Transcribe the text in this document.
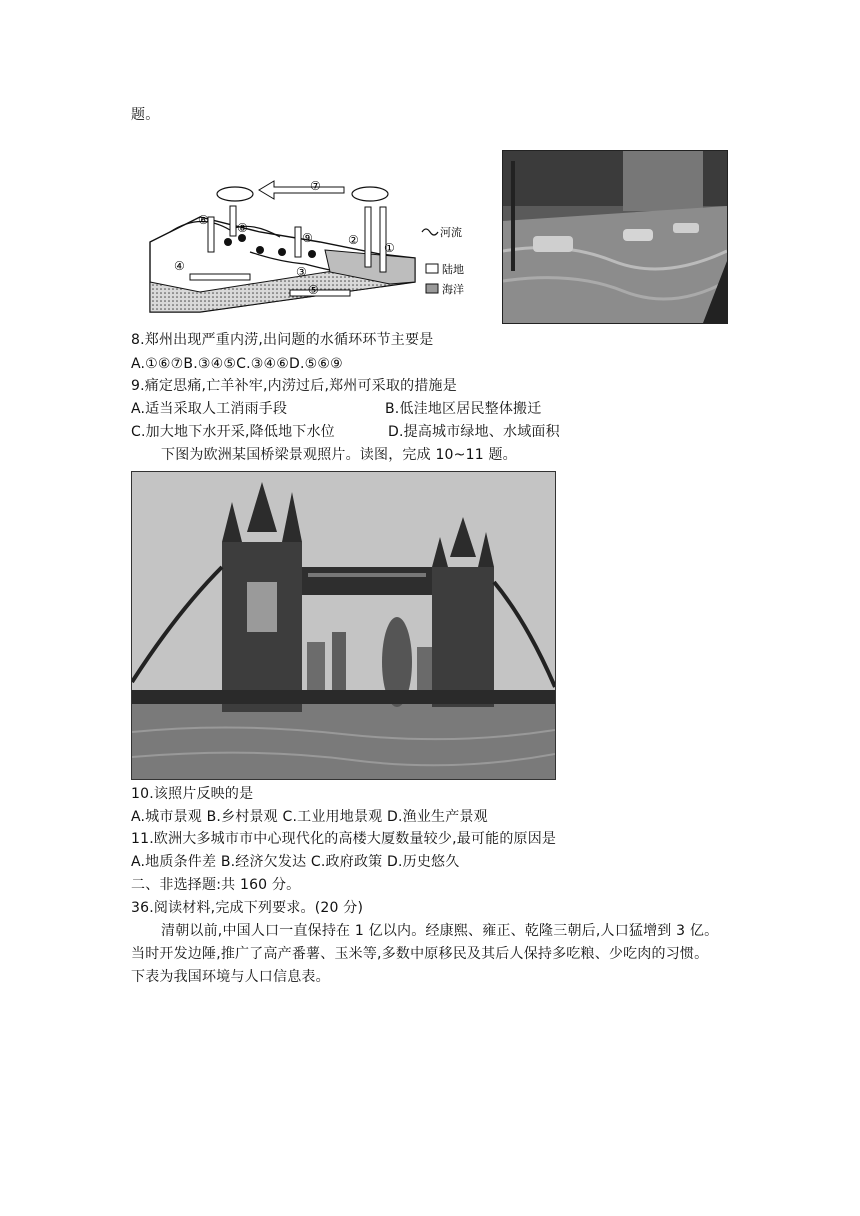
题。
⑦
⑥
⑧
⑨	②
①
④	③
⑤
河流
陆地
海洋
8.郑州出现严重内涝,出问题的水循环环节主要是
A.①⑥⑦B.③④⑤C.③④⑥D.⑤⑥⑨
9.痛定思痛,亡羊补牢,内涝过后,郑州可采取的措施是
A.适当采取人工消雨手段	B.低洼地区居民整体搬迁
C.加大地下水开采,降低地下水位	D.提高城市绿地、水域面积
下图为欧洲某国桥梁景观照片。读图，完成 10~11 题。
10.该照片反映的是
A.城市景观 B.乡村景观 C.工业用地景观 D.渔业生产景观
11.欧洲大多城市市中心现代化的高楼大厦数量较少,最可能的原因是
A.地质条件差 B.经济欠发达 C.政府政策 D.历史悠久
二、非选择题:共 160 分。
36.阅读材料,完成下列要求。(20 分)
清朝以前,中国人口一直保持在 1 亿以内。经康熙、雍正、乾隆三朝后,人口猛增到 3 亿。
当时开发边陲,推广了高产番薯、玉米等,多数中原移民及其后人保持多吃粮、少吃肉的习惯。
下表为我国环境与人口信息表。
